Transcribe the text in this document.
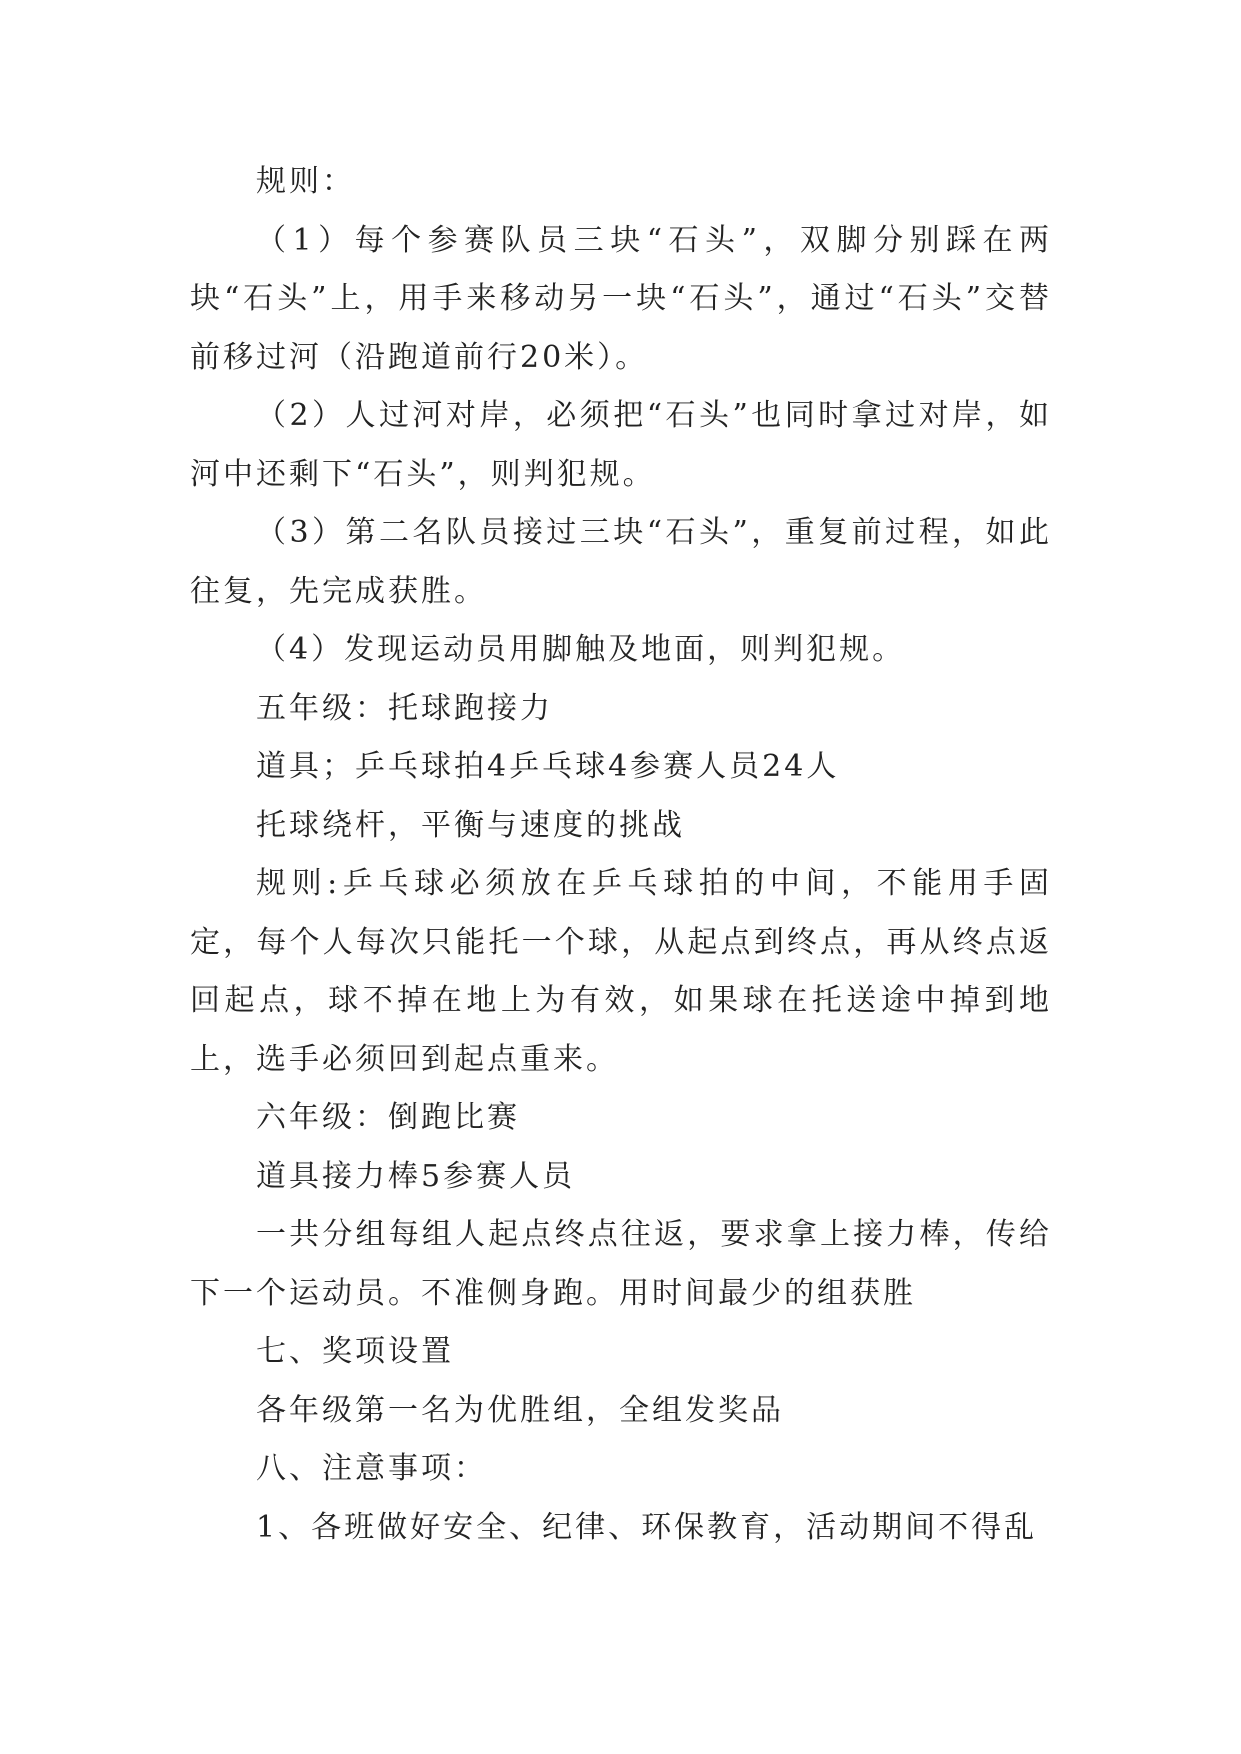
规则：

（1）每个参赛队员三块“石头”，双脚分别踩在两块“石头”上，用手来移动另一块“石头”，通过“石头”交替前移过河（沿跑道前行20米）。

（2）人过河对岸，必须把“石头”也同时拿过对岸，如河中还剩下“石头”，则判犯规。

（3）第二名队员接过三块“石头”，重复前过程，如此往复，先完成获胜。

（4）发现运动员用脚触及地面，则判犯规。

五年级：托球跑接力

道具；乒乓球拍4乒乓球4参赛人员24人

托球绕杆，平衡与速度的挑战

规则:乒乓球必须放在乒乓球拍的中间，不能用手固定，每个人每次只能托一个球，从起点到终点，再从终点返回起点，球不掉在地上为有效，如果球在托送途中掉到地上，选手必须回到起点重来。

六年级：倒跑比赛

道具接力棒5参赛人员

一共分组每组人起点终点往返，要求拿上接力棒，传给下一个运动员。不准侧身跑。用时间最少的组获胜

七、奖项设置

各年级第一名为优胜组，全组发奖品

八、注意事项：

1、各班做好安全、纪律、环保教育，活动期间不得乱
